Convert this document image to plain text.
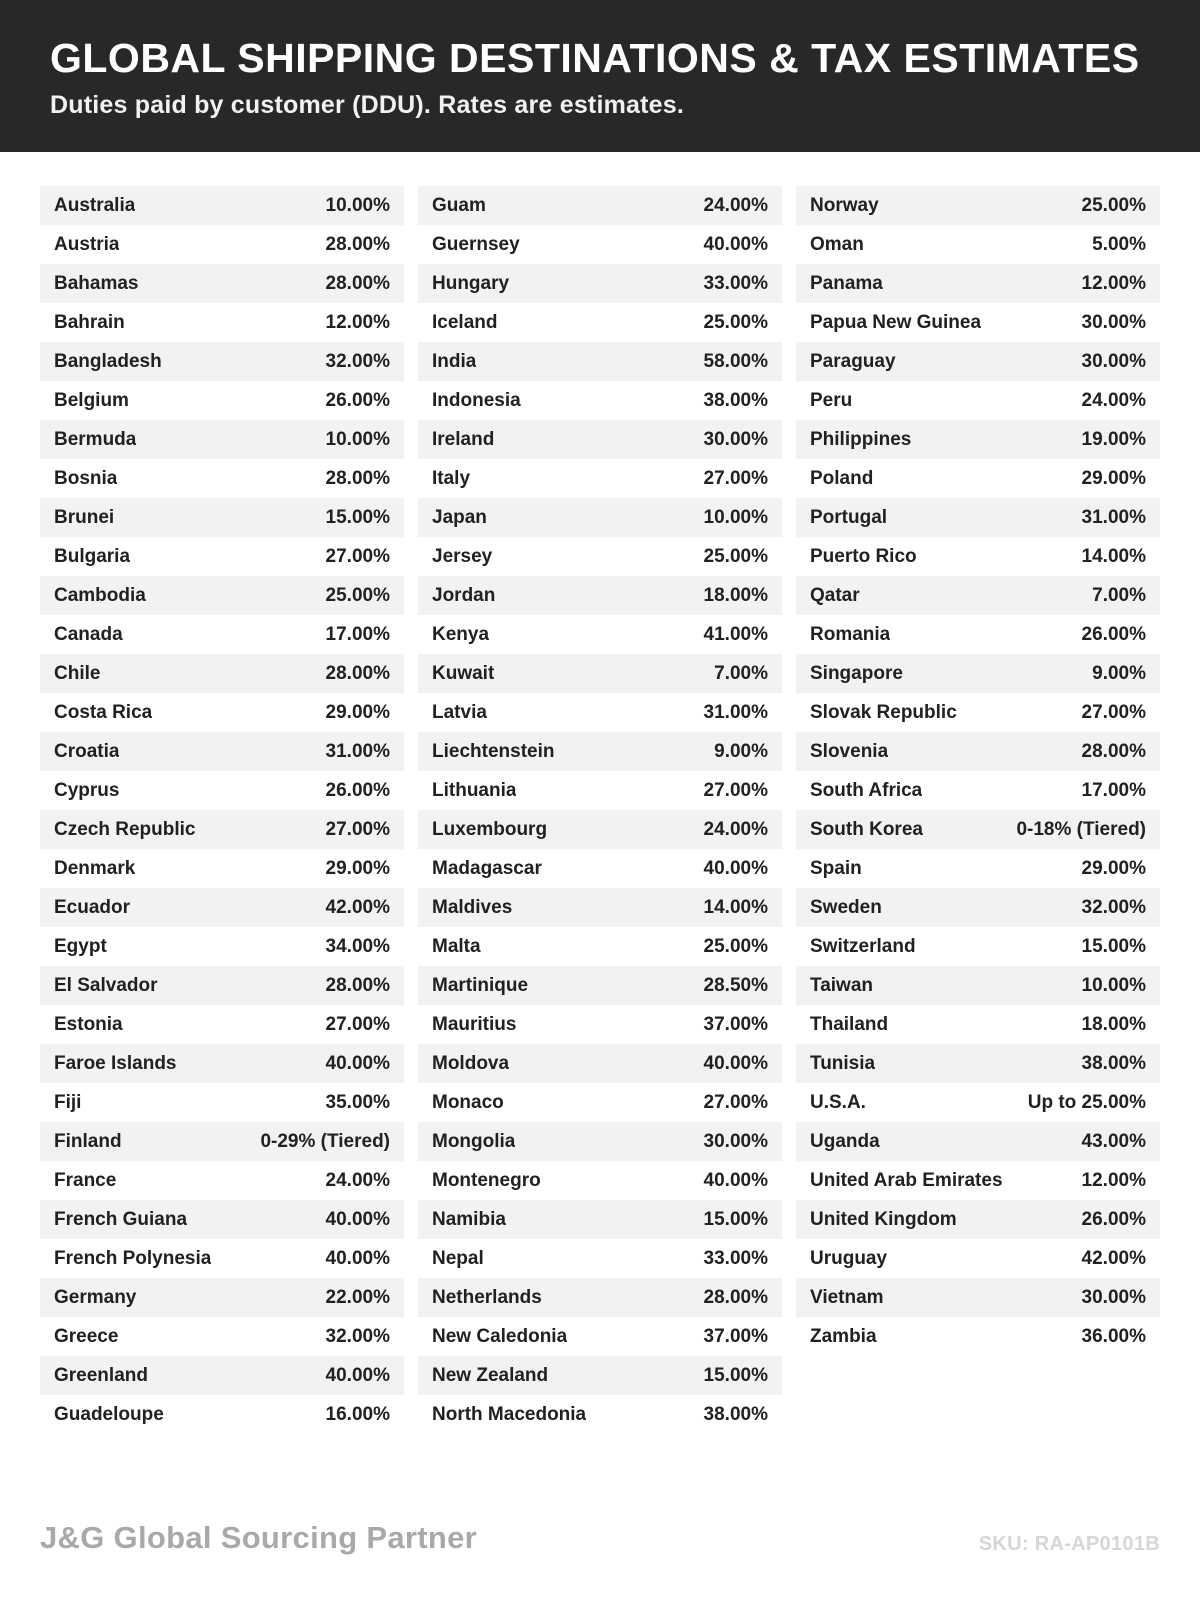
GLOBAL SHIPPING DESTINATIONS & TAX ESTIMATES

Duties paid by customer (DDU). Rates are estimates.

Australia	10.00%
Austria	28.00%
Bahamas	28.00%
Bahrain	12.00%
Bangladesh	32.00%
Belgium	26.00%
Bermuda	10.00%
Bosnia	28.00%
Brunei	15.00%
Bulgaria	27.00%
Cambodia	25.00%
Canada	17.00%
Chile	28.00%
Costa Rica	29.00%
Croatia	31.00%
Cyprus	26.00%
Czech Republic	27.00%
Denmark	29.00%
Ecuador	42.00%
Egypt	34.00%
El Salvador	28.00%
Estonia	27.00%
Faroe Islands	40.00%
Fiji	35.00%
Finland	0-29% (Tiered)
France	24.00%
French Guiana	40.00%
French Polynesia	40.00%
Germany	22.00%
Greece	32.00%
Greenland	40.00%
Guadeloupe	16.00%
Guam	24.00%
Guernsey	40.00%
Hungary	33.00%
Iceland	25.00%
India	58.00%
Indonesia	38.00%
Ireland	30.00%
Italy	27.00%
Japan	10.00%
Jersey	25.00%
Jordan	18.00%
Kenya	41.00%
Kuwait	7.00%
Latvia	31.00%
Liechtenstein	9.00%
Lithuania	27.00%
Luxembourg	24.00%
Madagascar	40.00%
Maldives	14.00%
Malta	25.00%
Martinique	28.50%
Mauritius	37.00%
Moldova	40.00%
Monaco	27.00%
Mongolia	30.00%
Montenegro	40.00%
Namibia	15.00%
Nepal	33.00%
Netherlands	28.00%
New Caledonia	37.00%
New Zealand	15.00%
North Macedonia	38.00%
Norway	25.00%
Oman	5.00%
Panama	12.00%
Papua New Guinea	30.00%
Paraguay	30.00%
Peru	24.00%
Philippines	19.00%
Poland	29.00%
Portugal	31.00%
Puerto Rico	14.00%
Qatar	7.00%
Romania	26.00%
Singapore	9.00%
Slovak Republic	27.00%
Slovenia	28.00%
South Africa	17.00%
South Korea	0-18% (Tiered)
Spain	29.00%
Sweden	32.00%
Switzerland	15.00%
Taiwan	10.00%
Thailand	18.00%
Tunisia	38.00%
U.S.A.	Up to 25.00%
Uganda	43.00%
United Arab Emirates	12.00%
United Kingdom	26.00%
Uruguay	42.00%
Vietnam	30.00%
Zambia	36.00%
J&G Global Sourcing Partner	SKU: RA-AP0101B
